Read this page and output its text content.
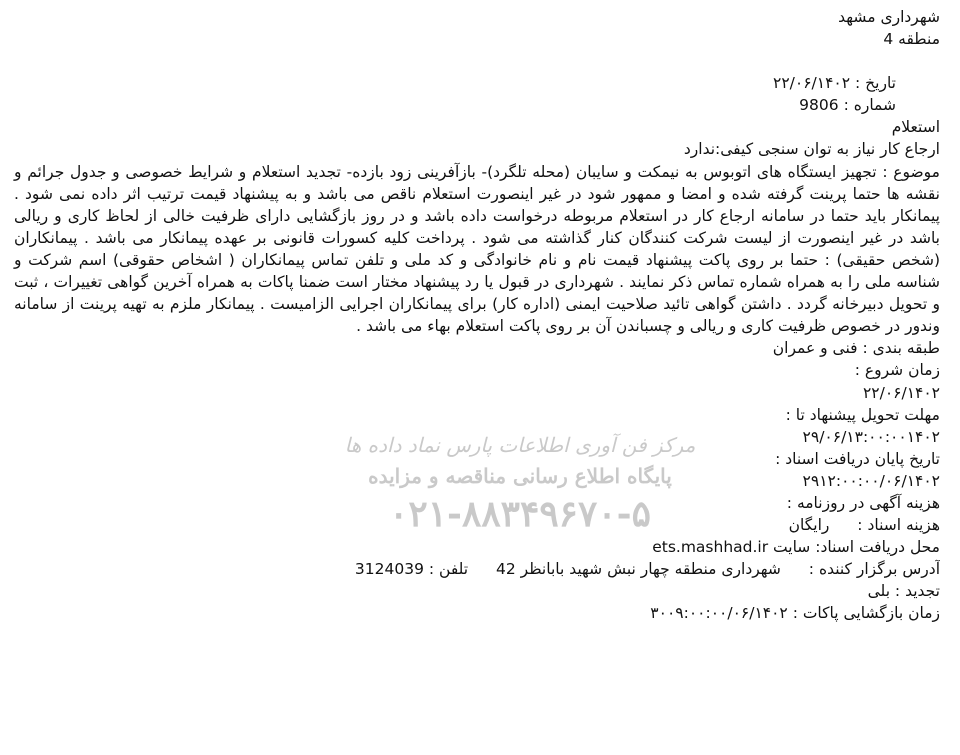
شهرداری مشهد
منطقه 4
تاریخ : ۲۲/۰۶/۱۴۰۲
شماره : 9806
استعلام
ارجاع کار نیاز به توان سنجی کیفی:ندارد

موضوع : تجهیز ایستگاه های اتوبوس به نیمکت و سایبان (محله تلگرد)- بازآفرینی زود بازده- تجدید استعلام و شرایط خصوصی و جدول جرائم و نقشه ها حتما پرینت گرفته شده و امضا و ممهور شود در غیر اینصورت استعلام ناقص می باشد و به پیشنهاد قیمت ترتیب اثر داده نمی شود . پیمانکار باید حتما در سامانه ارجاع کار در استعلام مربوطه درخواست داده باشد و در روز بازگشایی دارای ظرفیت خالی از لحاظ کاری و ریالی باشد در غیر اینصورت از لیست شرکت کنندگان کنار گذاشته می شود . پرداخت کلیه کسورات قانونی بر عهده پیمانکار می باشد . پیمانکاران (شخص حقیقی) : حتما بر روی پاکت پیشنهاد قیمت نام و نام خانوادگی و کد ملی و تلفن تماس پیمانکاران ( اشخاص حقوقی) اسم شرکت و شناسه ملی را به همراه شماره تماس ذکر نمایند . شهرداری در قبول یا رد پیشنهاد مختار است ضمنا پاکات به همراه آخرین گواهی تغییرات ، ثبت و تحویل دبیرخانه گردد . داشتن گواهی تائید صلاحیت ایمنی (اداره کار) برای پیمانکاران اجرایی الزامیست . پیمانکار ملزم به تهیه پرینت از سامانه وندور در خصوص ظرفیت کاری و ریالی و چسباندن آن بر روی پاکت استعلام بهاء می باشد .

طبقه بندی : فنی و عمران
زمان شروع :
۲۲/۰۶/۱۴۰۲
مهلت تحویل پیشنهاد تا :
۲۹/۰۶/۱۳:۰۰:۰۰۱۴۰۲
تاریخ پایان دریافت اسناد :
۲۹۱۲:۰۰:۰۰/۰۶/۱۴۰۲
هزینه آگهی در روزنامه :
هزینه اسناد :  رایگان
محل دریافت اسناد: سایت ets.mashhad.ir
آدرس برگزار کننده :  شهرداری منطقه چهار نبش شهید بابانظر 42  تلفن : 3124039
تجدید : بلی
زمان بازگشایی پاکات : ۳۰۰۹:۰۰:۰۰/۰۶/۱۴۰۲
مرکز فن آوری اطلاعات پارس نماد داده ها
پایگاه اطلاع رسانی مناقصه و مزایده
۰۲۱-۸۸۳۴۹۶۷۰-۵
